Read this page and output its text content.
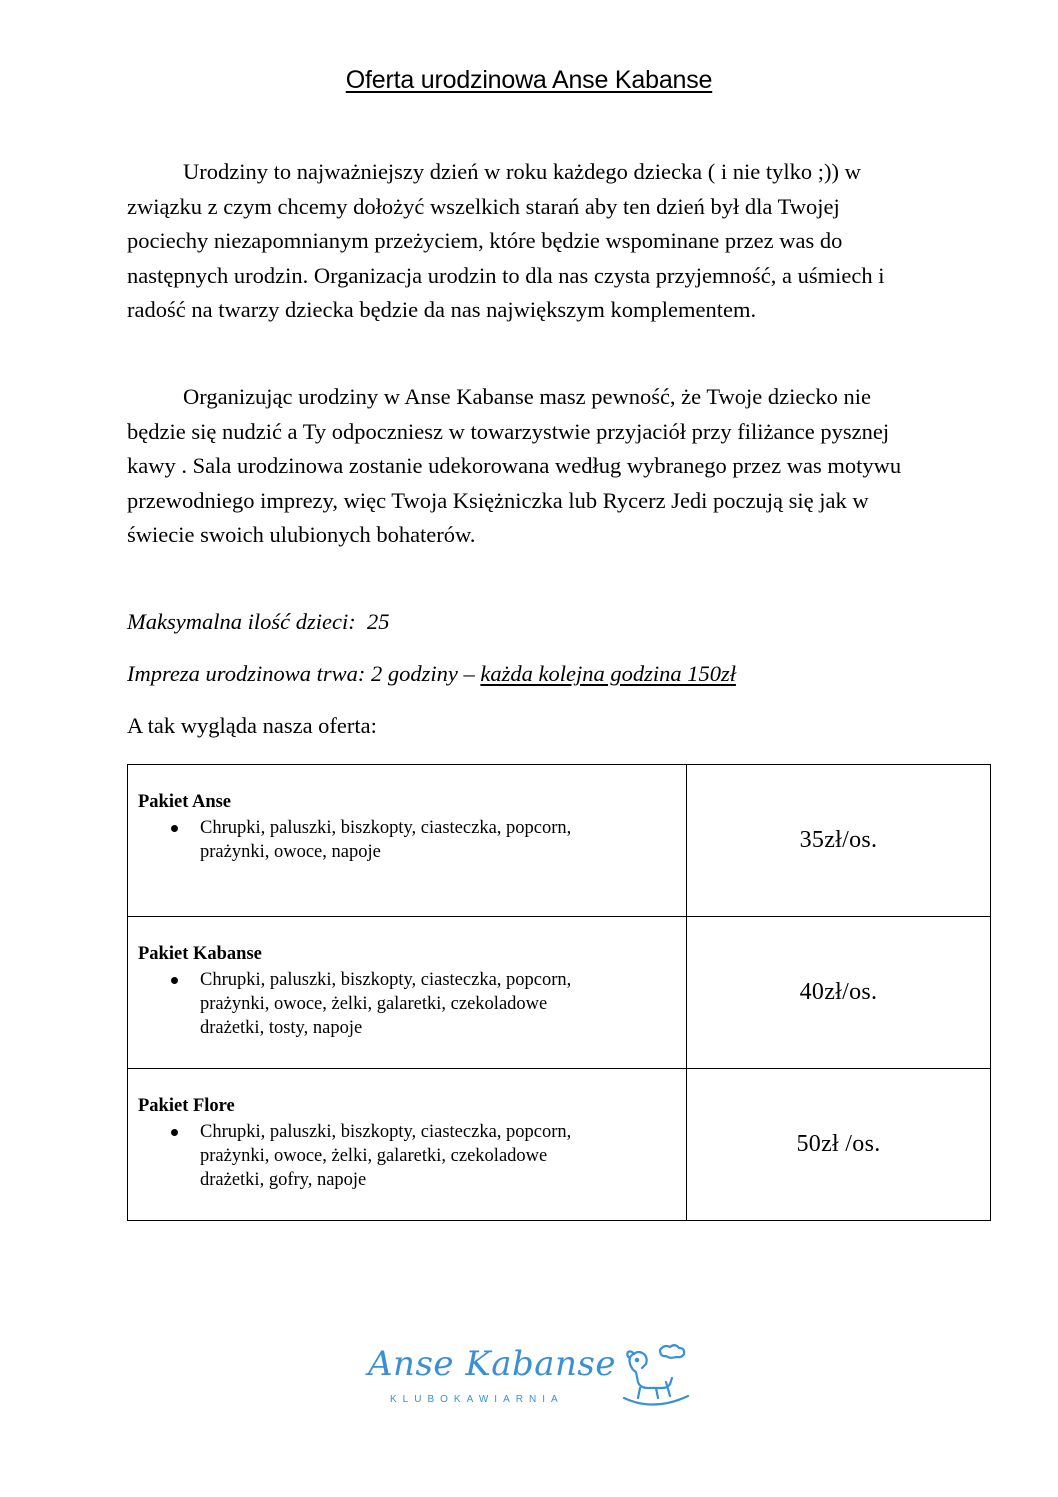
Oferta urodzinowa Anse Kabanse

Urodziny to najważniejszy dzień w roku każdego dziecka ( i nie tylko ;)) w związku z czym chcemy dołożyć wszelkich starań aby ten dzień był dla Twojej pociechy niezapomnianym przeżyciem, które będzie wspominane przez was do następnych urodzin. Organizacja urodzin to dla nas czysta przyjemność, a uśmiech i radość na twarzy dziecka będzie da nas największym komplementem.

Organizując urodziny w Anse Kabanse masz pewność, że Twoje dziecko nie będzie się nudzić a Ty odpoczniesz w towarzystwie przyjaciół przy filiżance pysznej kawy . Sala urodzinowa zostanie udekorowana według wybranego przez was motywu przewodniego imprezy, więc Twoja Księżniczka lub Rycerz Jedi poczują się jak w świecie swoich ulubionych bohaterów.

Maksymalna ilość dzieci:  25

Impreza urodzinowa trwa: 2 godziny – każda kolejna godzina 150zł

A tak wygląda nasza oferta:

Pakiet Anse

Chrupki, paluszki, biszkopty, ciasteczka, popcorn, prażynki, owoce, napoje	35zł/os.

Pakiet Kabanse

Chrupki, paluszki, biszkopty, ciasteczka, popcorn, prażynki, owoce, żelki, galaretki, czekoladowe drażetki, tosty, napoje	40zł/os.

Pakiet Flore

Chrupki, paluszki, biszkopty, ciasteczka, popcorn, prażynki, owoce, żelki, galaretki, czekoladowe drażetki, gofry, napoje	50zł /os.
Anse Kabanse
KLUBOKAWIARNIA
